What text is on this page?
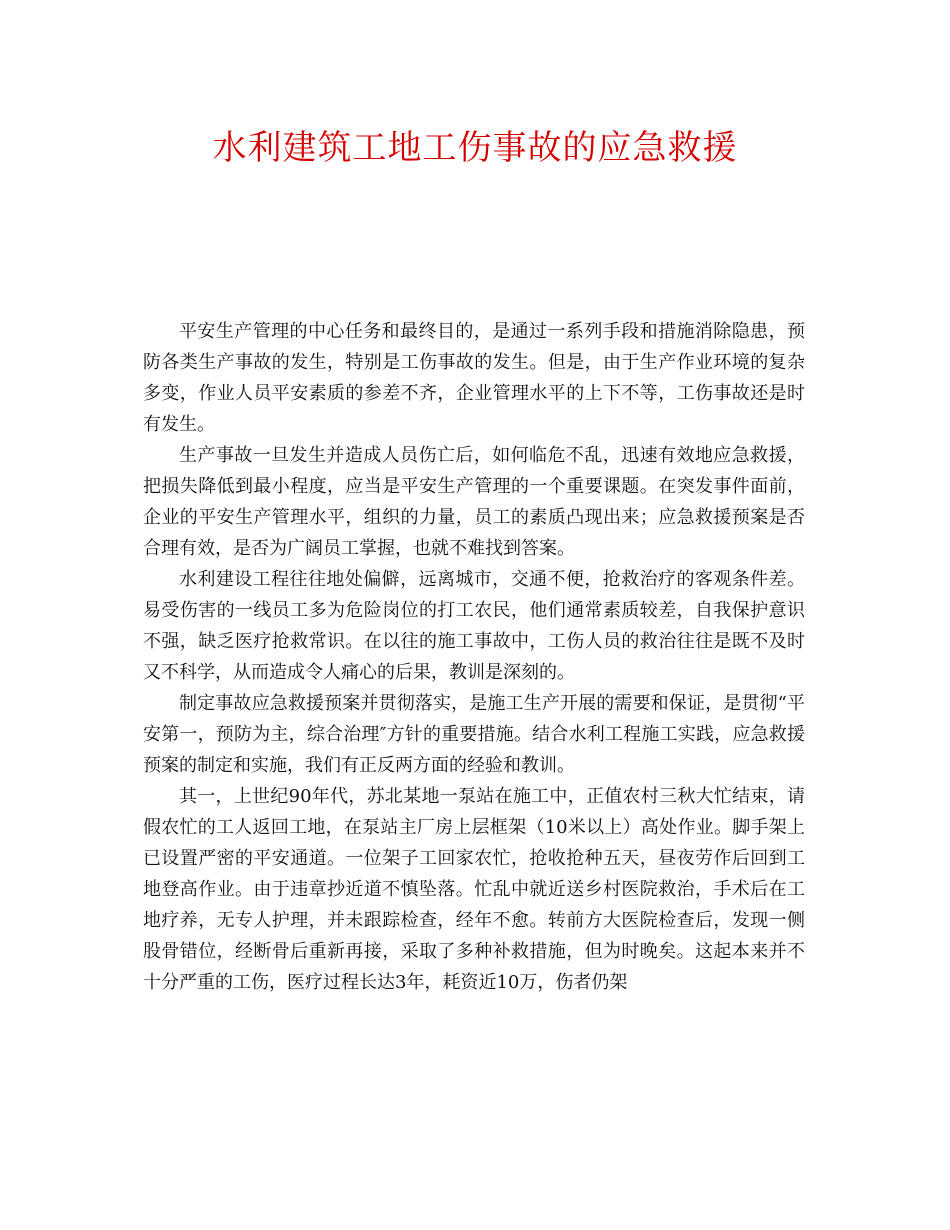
水利建筑工地工伤事故的应急救援

平安生产管理的中心任务和最终目的，是通过一系列手段和措施消除隐患，预防各类生产事故的发生，特别是工伤事故的发生。但是，由于生产作业环境的复杂多变，作业人员平安素质的参差不齐，企业管理水平的上下不等，工伤事故还是时有发生。

生产事故一旦发生并造成人员伤亡后，如何临危不乱，迅速有效地应急救援，把损失降低到最小程度，应当是平安生产管理的一个重要课题。在突发事件面前，企业的平安生产管理水平，组织的力量，员工的素质凸现出来；应急救援预案是否合理有效，是否为广阔员工掌握，也就不难找到答案。

水利建设工程往往地处偏僻，远离城市，交通不便，抢救治疗的客观条件差。易受伤害的一线员工多为危险岗位的打工农民，他们通常素质较差，自我保护意识不强，缺乏医疗抢救常识。在以往的施工事故中，工伤人员的救治往往是既不及时又不科学，从而造成令人痛心的后果，教训是深刻的。

制定事故应急救援预案并贯彻落实，是施工生产开展的需要和保证，是贯彻“平安第一，预防为主，综合治理″方针的重要措施。结合水利工程施工实践，应急救援预案的制定和实施，我们有正反两方面的经验和教训。

其一，上世纪90年代，苏北某地一泵站在施工中，正值农村三秋大忙结束，请假农忙的工人返回工地，在泵站主厂房上层框架（10米以上）高处作业。脚手架上已设置严密的平安通道。一位架子工回家农忙，抢收抢种五天，昼夜劳作后回到工地登高作业。由于违章抄近道不慎坠落。忙乱中就近送乡村医院救治，手术后在工地疗养，无专人护理，并未跟踪检查，经年不愈。转前方大医院检查后，发现一侧股骨错位，经断骨后重新再接，采取了多种补救措施，但为时晚矣。这起本来并不十分严重的工伤，医疗过程长达3年，耗资近10万，伤者仍架
